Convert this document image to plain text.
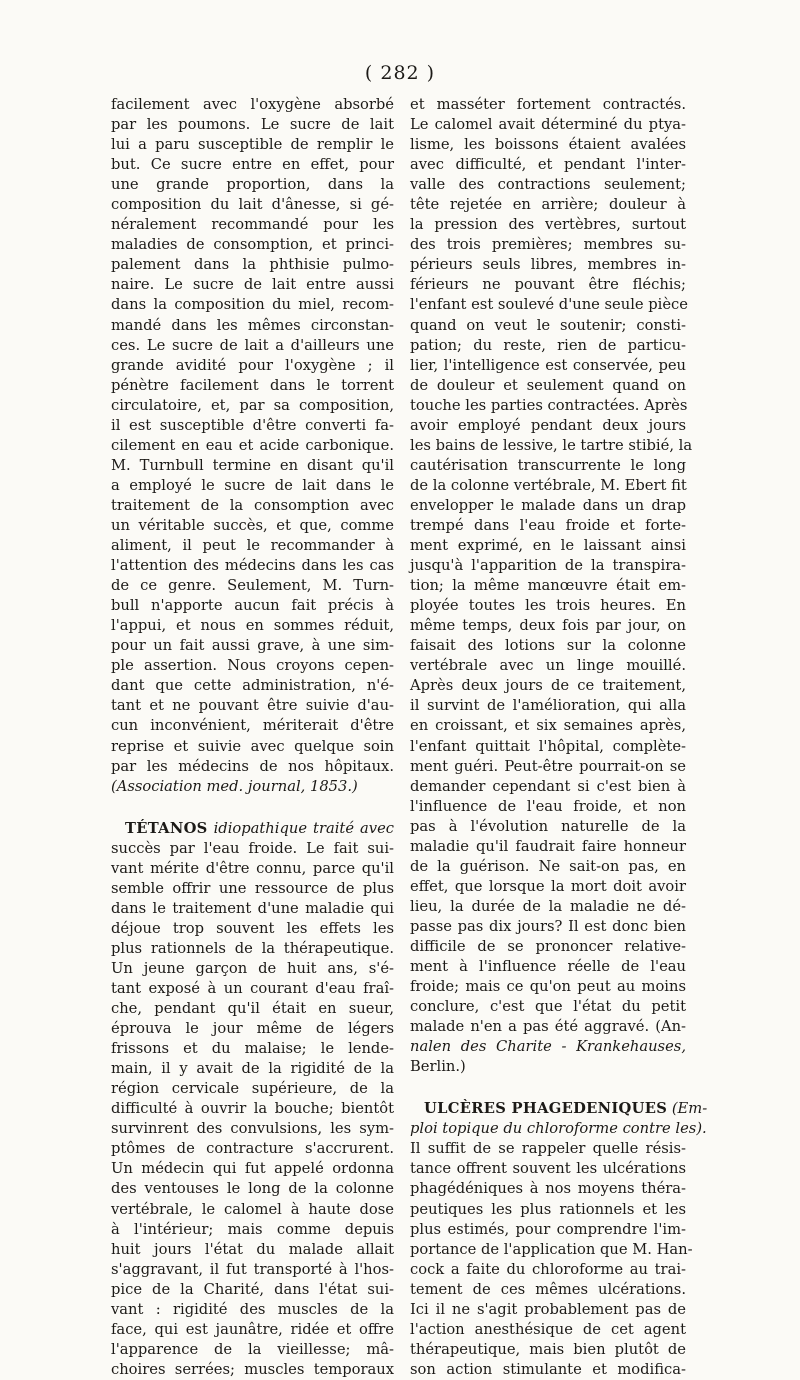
( 282 )
facilement avec l'oxygène absorbé
par les poumons. Le sucre de lait
lui a paru susceptible de remplir le
but. Ce sucre entre en effet, pour
une grande proportion, dans la
composition du lait d'ânesse, si gé-
néralement recommandé pour les
maladies de consomption, et princi-
palement dans la phthisie pulmo-
naire. Le sucre de lait entre aussi
dans la composition du miel, recom-
mandé dans les mêmes circonstan-
ces. Le sucre de lait a d'ailleurs une
grande avidité pour l'oxygène ; il
pénètre facilement dans le torrent
circulatoire, et, par sa composition,
il est susceptible d'être converti fa-
cilement en eau et acide carbonique.
M. Turnbull termine en disant qu'il
a employé le sucre de lait dans le
traitement de la consomption avec
un véritable succès, et que, comme
aliment, il peut le recommander à
l'attention des médecins dans les cas
de ce genre. Seulement, M. Turn-
bull n'apporte aucun fait précis à
l'appui, et nous en sommes réduit,
pour un fait aussi grave, à une sim-
ple assertion. Nous croyons cepen-
dant que cette administration, n'é-
tant et ne pouvant être suivie d'au-
cun inconvénient, mériterait d'être
reprise et suivie avec quelque soin
par les médecins de nos hôpitaux.
(Association med. journal, 1853.)
TÉTANOS idiopathique traité avec
succès par l'eau froide. Le fait sui-
vant mérite d'être connu, parce qu'il
semble offrir une ressource de plus
dans le traitement d'une maladie qui
déjoue trop souvent les effets les
plus rationnels de la thérapeutique.
Un jeune garçon de huit ans, s'é-
tant exposé à un courant d'eau fraî-
che, pendant qu'il était en sueur,
éprouva le jour même de légers
frissons et du malaise; le lende-
main, il y avait de la rigidité de la
région cervicale supérieure, de la
difficulté à ouvrir la bouche; bientôt
survinrent des convulsions, les sym-
ptômes de contracture s'accrurent.
Un médecin qui fut appelé ordonna
des ventouses le long de la colonne
vertébrale, le calomel à haute dose
à l'intérieur; mais comme depuis
huit jours l'état du malade allait
s'aggravant, il fut transporté à l'hos-
pice de la Charité, dans l'état sui-
vant : rigidité des muscles de la
face, qui est jaunâtre, ridée et offre
l'apparence de la vieillesse; mâ-
choires serrées; muscles temporaux
et masséter fortement contractés.
Le calomel avait déterminé du ptya-
lisme, les boissons étaient avalées
avec difficulté, et pendant l'inter-
valle des contractions seulement;
tête rejetée en arrière; douleur à
la pression des vertèbres, surtout
des trois premières; membres su-
périeurs seuls libres, membres in-
férieurs ne pouvant être fléchis;
l'enfant est soulevé d'une seule pièce
quand on veut le soutenir; consti-
pation; du reste, rien de particu-
lier, l'intelligence est conservée, peu
de douleur et seulement quand on
touche les parties contractées. Après
avoir employé pendant deux jours
les bains de lessive, le tartre stibié, la
cautérisation transcurrente le long
de la colonne vertébrale, M. Ebert fit
envelopper le malade dans un drap
trempé dans l'eau froide et forte-
ment exprimé, en le laissant ainsi
jusqu'à l'apparition de la transpira-
tion; la même manœuvre était em-
ployée toutes les trois heures. En
même temps, deux fois par jour, on
faisait des lotions sur la colonne
vertébrale avec un linge mouillé.
Après deux jours de ce traitement,
il survint de l'amélioration, qui alla
en croissant, et six semaines après,
l'enfant quittait l'hôpital, complète-
ment guéri. Peut-être pourrait-on se
demander cependant si c'est bien à
l'influence de l'eau froide, et non
pas à l'évolution naturelle de la
maladie qu'il faudrait faire honneur
de la guérison. Ne sait-on pas, en
effet, que lorsque la mort doit avoir
lieu, la durée de la maladie ne dé-
passe pas dix jours? Il est donc bien
difficile de se prononcer relative-
ment à l'influence réelle de l'eau
froide; mais ce qu'on peut au moins
conclure, c'est que l'état du petit
malade n'en a pas été aggravé. (An-
nalen des Charite - Krankehauses,
Berlin.)
ULCÈRES PHAGEDENIQUES (Em-
ploi topique du chloroforme contre les).
Il suffit de se rappeler quelle résis-
tance offrent souvent les ulcérations
phagédéniques à nos moyens théra-
peutiques les plus rationnels et les
plus estimés, pour comprendre l'im-
portance de l'application que M. Han-
cock a faite du chloroforme au trai-
tement de ces mêmes ulcérations.
Ici il ne s'agit probablement pas de
l'action anesthésique de cet agent
thérapeutique, mais bien plutôt de
son action stimulante et modifica-
